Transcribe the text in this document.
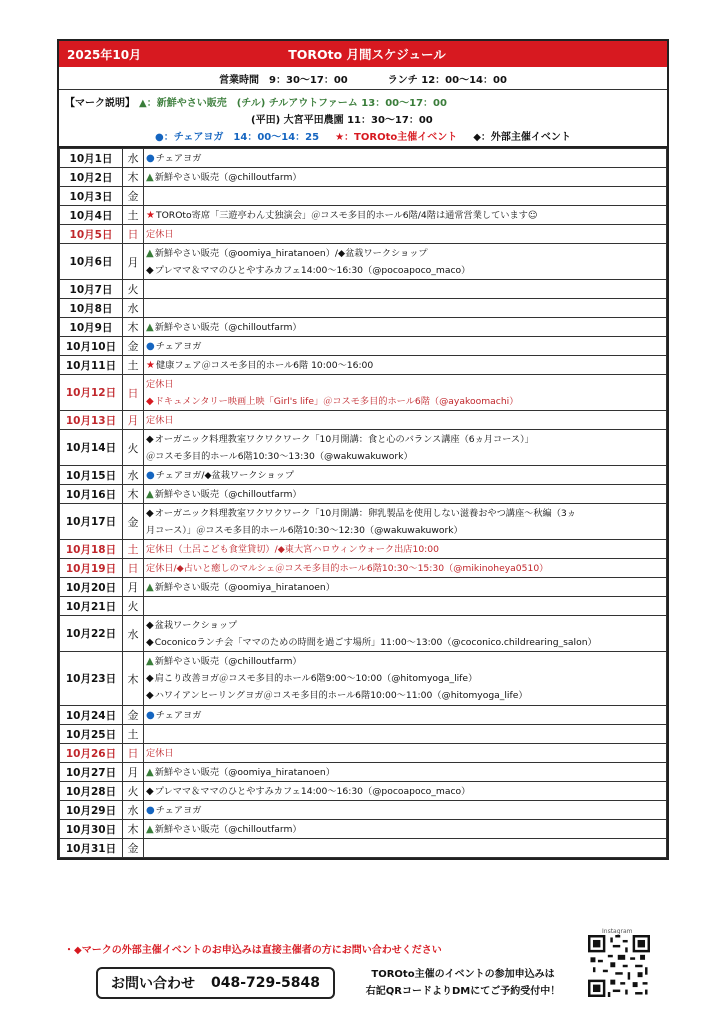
2025年10月	TOROto 月間スケジュール
営業時間　9：30～17：00	ランチ 12：00～14：00
【マーク説明】 ▲：新鮮やさい販売　(チル) チルアウトファーム 13：00～17：00
(平田) 大宮平田農園 11：30～17：00
●：チェアヨガ　14：00～14：25 ★：TOROto主催イベント ◆：外部主催イベント
10月1日	水	●チェアヨガ

10月2日	木	▲新鮮やさい販売（@chilloutfarm）

10月3日	金	
10月4日	土	★TOROto寄席「三遊亭わん丈独演会」＠コスモ多目的ホール6階/4階は通常営業しています☺

10月5日	日	定休日

10月6日	月	▲新鮮やさい販売（@oomiya_hiratanoen）/◆盆栽ワークショップ
◆プレママ＆ママのひとやすみカフェ14:00～16:30（@pocoapoco_maco）

10月7日	火	
10月8日	水	
10月9日	木	▲新鮮やさい販売（@chilloutfarm）

10月10日	金	●チェアヨガ

10月11日	土	★健康フェア＠コスモ多目的ホール6階 10:00～16:00

10月12日	日	定休日
◆ドキュメンタリー映画上映「Girl's life」＠コスモ多目的ホール6階（@ayakoomachi）

10月13日	月	定休日

10月14日	火	◆オーガニック料理教室ワクワクワーク「10月開講：食と心のバランス講座（6ヵ月コース）」
＠コスモ多目的ホール6階10:30～13:30（@wakuwakuwork）

10月15日	水	●チェアヨガ/◆盆栽ワークショップ

10月16日	木	▲新鮮やさい販売（@chilloutfarm）

10月17日	金	◆オーガニック料理教室ワクワクワーク「10月開講：卵乳製品を使用しない滋養おやつ講座～秋編（3ヵ
月コース）」＠コスモ多目的ホール6階10:30～12:30（@wakuwakuwork）

10月18日	土	定休日（土呂こども食堂貸切）/◆東大宮ハロウィンウォーク出店10:00

10月19日	日	定休日/◆占いと癒しのマルシェ＠コスモ多目的ホール6階10:30～15:30（@mikinoheya0510）

10月20日	月	▲新鮮やさい販売（@oomiya_hiratanoen）

10月21日	火	
10月22日	水	◆盆栽ワークショップ
◆Coconicoランチ会「ママのための時間を過ごす場所」11:00～13:00（@coconico.childrearing_salon）

10月23日	木	▲新鮮やさい販売（@chilloutfarm）
◆肩こり改善ヨガ＠コスモ多目的ホール6階9:00～10:00（@hitomyoga_life）
◆ハワイアンヒーリングヨガ＠コスモ多目的ホール6階10:00～11:00（@hitomyoga_life）

10月24日	金	●チェアヨガ

10月25日	土	
10月26日	日	定休日

10月27日	月	▲新鮮やさい販売（@oomiya_hiratanoen）

10月28日	火	◆プレママ＆ママのひとやすみカフェ14:00～16:30（@pocoapoco_maco）

10月29日	水	●チェアヨガ

10月30日	木	▲新鮮やさい販売（@chilloutfarm）

10月31日	金	
・◆マークの外部主催イベントのお申込みは直接主催者の方にお問い合わせください
お問い合わせ 048-729-5848
TOROto主催のイベントの参加申込みは
右記QRコードよりDMにてご予約受付中！
Instagram
